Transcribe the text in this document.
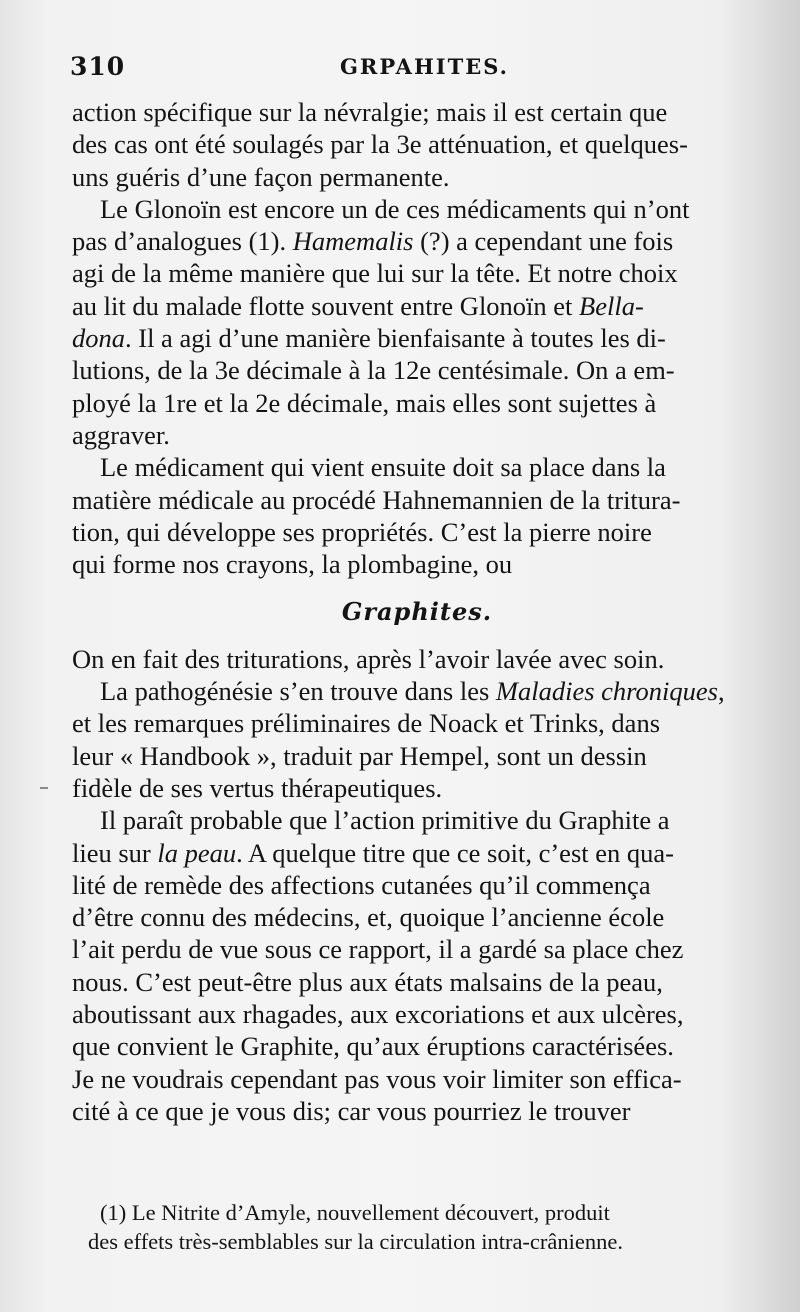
310	GRPAHITES.

action spécifique sur la névralgie; mais il est certain que
des cas ont été soulagés par la 3e atténuation, et quelques-
uns guéris d’une façon permanente.

Le Glonoïn est encore un de ces médicaments qui n’ont
pas d’analogues (1). Hamemalis (?) a cependant une fois
agi de la même manière que lui sur la tête. Et notre choix
au lit du malade flotte souvent entre Glonoïn et Bella-
dona. Il a agi d’une manière bienfaisante à toutes les di-
lutions, de la 3e décimale à la 12e centésimale. On a em-
ployé la 1re et la 2e décimale, mais elles sont sujettes à
aggraver.

Le médicament qui vient ensuite doit sa place dans la
matière médicale au procédé Hahnemannien de la tritura-
tion, qui développe ses propriétés. C’est la pierre noire
qui forme nos crayons, la plombagine, ou

Graphites.

On en fait des triturations, après l’avoir lavée avec soin.

La pathogénésie s’en trouve dans les Maladies chroniques,
et les remarques préliminaires de Noack et Trinks, dans
leur « Handbook », traduit par Hempel, sont un dessin
fidèle de ses vertus thérapeutiques.

Il paraît probable que l’action primitive du Graphite a
lieu sur la peau. A quelque titre que ce soit, c’est en qua-
lité de remède des affections cutanées qu’il commença
d’être connu des médecins, et, quoique l’ancienne école
l’ait perdu de vue sous ce rapport, il a gardé sa place chez
nous. C’est peut-être plus aux états malsains de la peau,
aboutissant aux rhagades, aux excoriations et aux ulcères,
que convient le Graphite, qu’aux éruptions caractérisées.
Je ne voudrais cependant pas vous voir limiter son effica-
cité à ce que je vous dis; car vous pourriez le trouver

(1) Le Nitrite d’Amyle, nouvellement découvert, produit
des effets très-semblables sur la circulation intra-crânienne.
